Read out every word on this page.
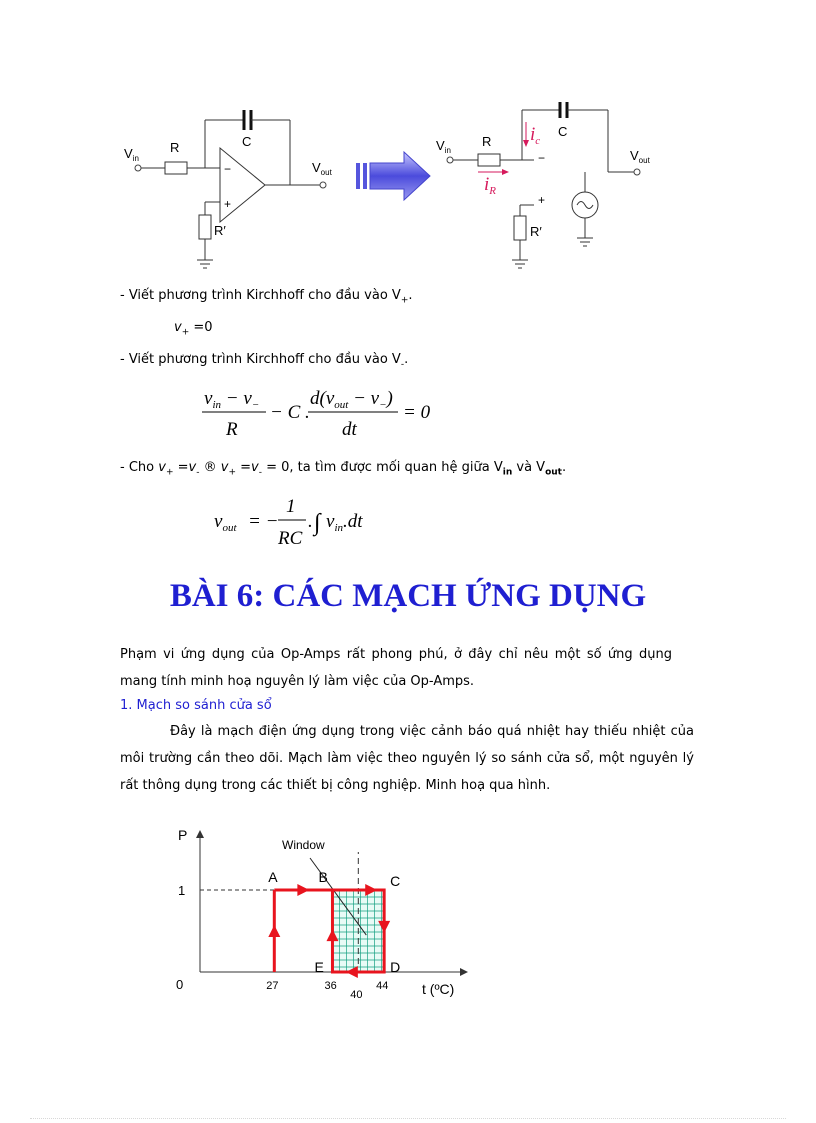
$V_{in}$
R	C
R′
$V_{out}$
−
+
$V_{in}$
R
C
R′
$V_{out}$
−
+
$i_c$
$i_R$
- Viết phương trình Kirchhoff cho đầu vào $V_+$.
$v_+ =0$
- Viết phương trình Kirchhoff cho đầu vào $V_-$.
$v_{in} - v_-$
R
− C .
$d(v_{out} - v_-)$
dt
= 0
- Cho $v_+ =v_-$ ® $v_+ =v_- = 0$, ta tìm được mối quan hệ giữa $V_{in}$ và $V_{out}$.
$v_{out}$ = −
1
RC
. ∫ $v_{in}.dt$
BÀI 6: CÁC MẠCH ỨNG DỤNG
Phạm vi ứng dụng của Op-Amps rất phong phú, ở đây chỉ nêu một số ứng dụng mang tính minh hoạ nguyên lý làm việc của Op-Amps.
1. Mạch so sánh cửa sổ
Đây là mạch điện ứng dụng trong việc cảnh báo quá nhiệt hay thiếu nhiệt của môi trường cần theo dõi. Mạch làm việc theo nguyên lý so sánh cửa sổ, một nguyên lý rất thông dụng trong các thiết bị công nghiệp. Minh hoạ qua hình.
A	B	C
D
E
27	36
40
44
0
1
P
t (ºC)
Window
